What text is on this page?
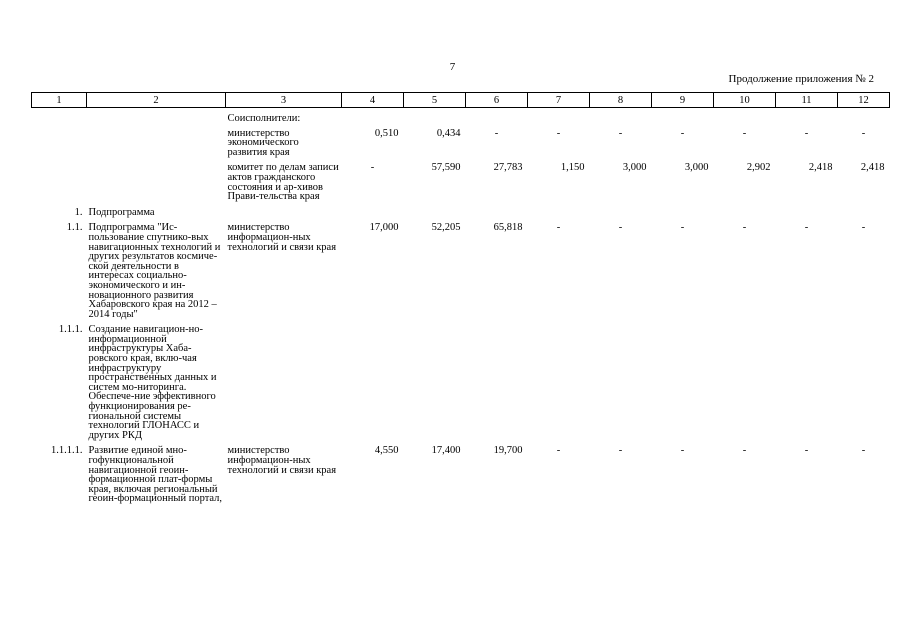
7
Продолжение приложения № 2
1	2	3	4	5	6	7	8	9	10	11	12

		Соисполнители:									

		министерство экономического развития края	0,510	0,434	-	-	-	-	-	-	-

		комитет по делам записи актов гражданского состояния и ар-хивов Прави-тельства края	-	57,590	27,783	1,150	3,000	3,000	2,902	2,418	2,418

1.	Подпрограмма										

1.1.	Подпрограмма "Ис-пользование спутнико-вых навигационных технологий и других результатов космиче-ской деятельности в интересах социально-экономического и ин-новационного развития Хабаровского края на 2012 – 2014 годы"	министерство информацион-ных технологий и связи края	17,000	52,205	65,818	-	-	-	-	-	-

1.1.1.	Создание навигацион-но-информационной инфраструктуры Хаба-ровского края, вклю-чая инфраструктуру пространственных данных и систем мо-ниторинга. Обеспече-ние эффективного функционирования ре-гиональной системы технологий ГЛОНАСС и других РКД										

1.1.1.1.	Развитие единой мно-гофункциональной навигационной геоин-формационной плат-формы края, включая региональный геоин-формационный портал,	министерство информацион-ных технологий и связи края	4,550	17,400	19,700	-	-	-	-	-	-
